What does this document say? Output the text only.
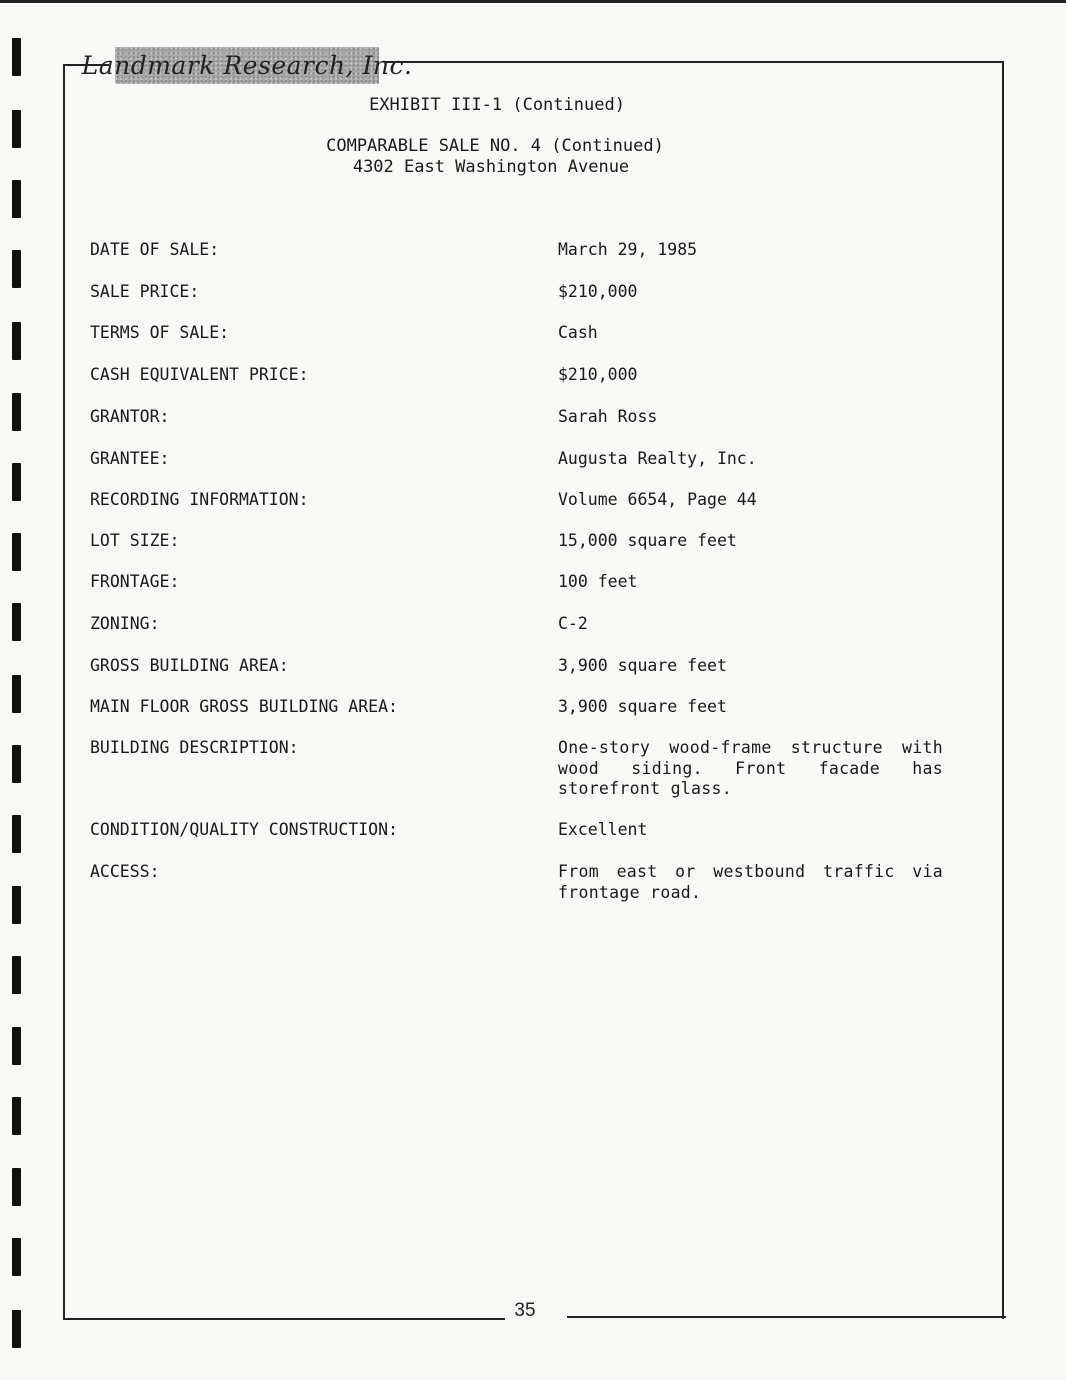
Landmark Research, Inc.
EXHIBIT III-1 (Continued)
COMPARABLE SALE NO. 4 (Continued)
4302 East Washington Avenue
DATE OF SALE:	March 29, 1985
SALE PRICE:	$210,000
TERMS OF SALE:	Cash
CASH EQUIVALENT PRICE:	$210,000
GRANTOR:	Sarah Ross
GRANTEE:	Augusta Realty, Inc.
RECORDING INFORMATION:	Volume 6654, Page 44
LOT SIZE:	15,000 square feet
FRONTAGE:	100 feet
ZONING:	C-2
GROSS BUILDING AREA:	3,900 square feet
MAIN FLOOR GROSS BUILDING AREA:	3,900 square feet
BUILDING DESCRIPTION:	One-story wood-frame structure with wood siding. Front facade has storefront glass.
CONDITION/QUALITY CONSTRUCTION:	Excellent
ACCESS:	From east or westbound traffic via frontage road.
35
